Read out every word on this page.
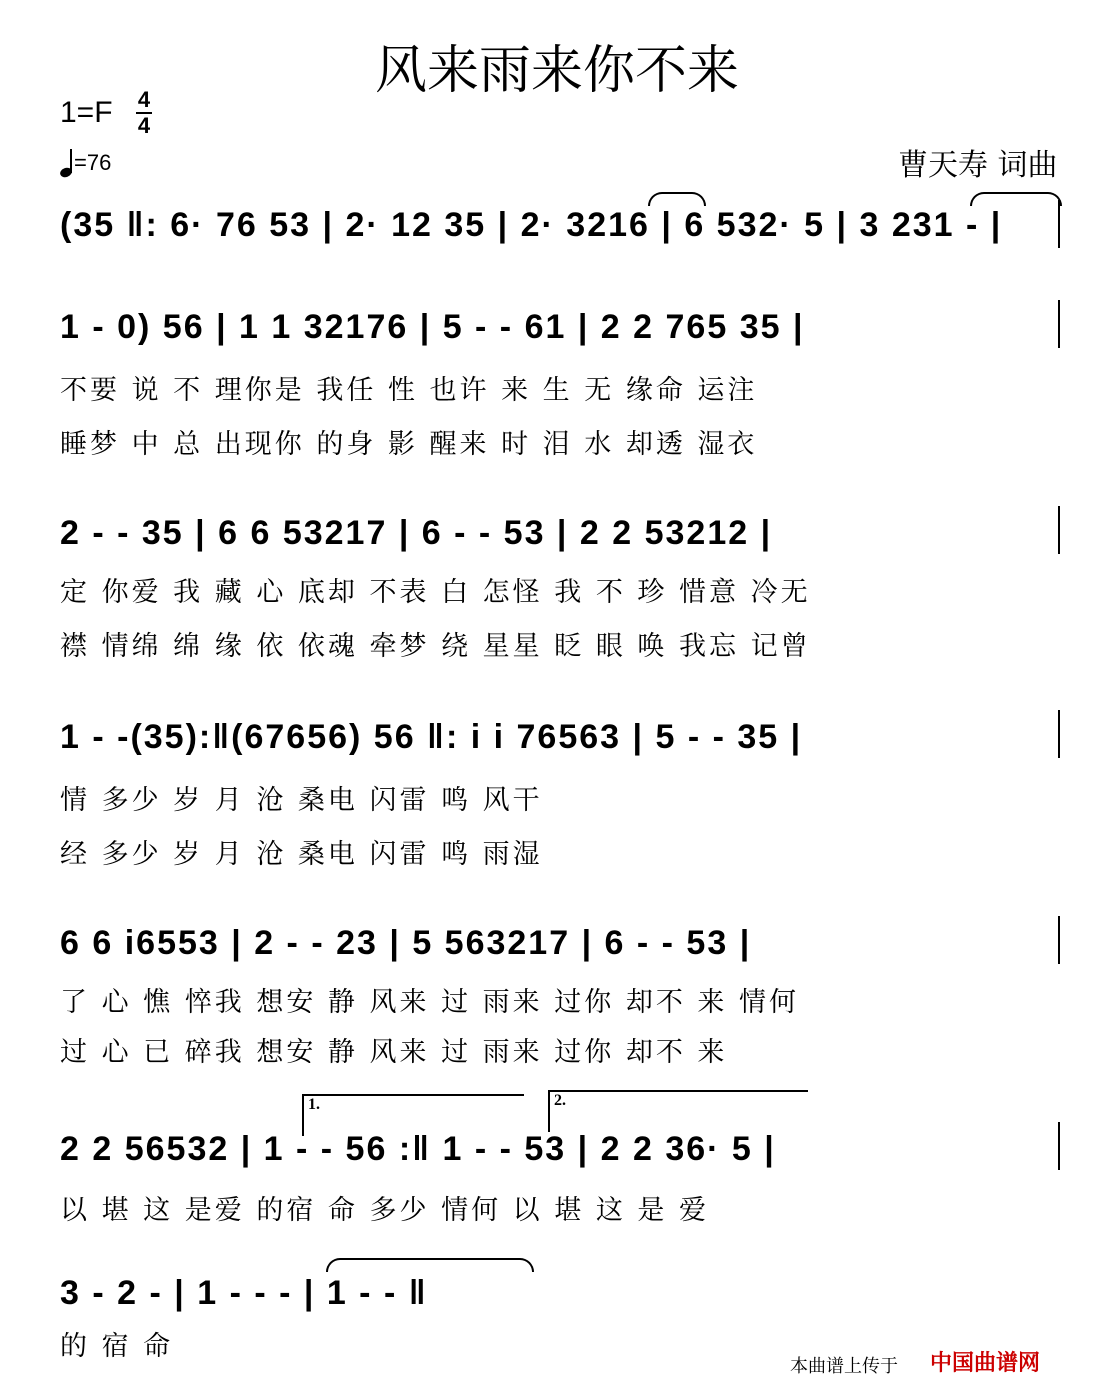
风来雨来你不来
1=F 4
4
=76	曹天寿 词曲
(35 ‖: 6· 76 53 | 2· 12 35 | 2· 3216 | 6 532· 5 | 3 231 - |
1 - 0) 56 | 1 1 32176 | 5 - - 61 | 2 2 765 35 |
不要 说 不 理你是 我任 性 也许 来 生 无 缘命 运注
睡梦 中 总 出现你 的身 影 醒来 时 泪 水 却透 湿衣
2 - - 35 | 6 6 53217 | 6 - - 53 | 2 2 53212 |
定 你爱 我 藏 心 底却 不表 白 怎怪 我 不 珍 惜意 冷无
襟 情绵 绵 缘 依 依魂 牵梦 绕 星星 眨 眼 唤 我忘 记曾
1 - -(35):‖(67656) 56 ‖: i i 76563 | 5 - - 35 |
情 多少 岁 月 沧 桑电 闪雷 鸣 风干
经 多少 岁 月 沧 桑电 闪雷 鸣 雨湿
6 6 i6553 | 2 - - 23 | 5 563217 | 6 - - 53 |
了 心 憔 悴我 想安 静 风来 过 雨来 过你 却不 来 情何
过 心 已 碎我 想安 静 风来 过 雨来 过你 却不 来
1.	2.
2 2 56532 | 1 - - 56 :‖ 1 - - 53 | 2 2 36· 5 |
以 堪 这 是爱 的宿 命 多少 情何 以 堪 这 是 爱
3 - 2 - | 1 - - - | 1 - - ‖
的 宿 命
本曲谱上传于 中国曲谱网
